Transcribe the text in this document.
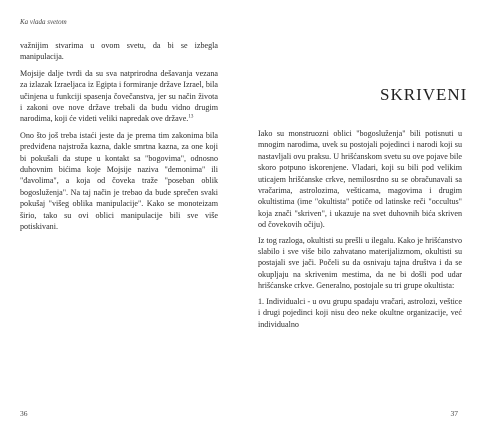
Ka vlada svetom

važnijim stvarima u ovom svetu, da bi se izbegla manipulacija.

Mojsije dalje tvrdi da su sva natprirodna dešavanja vezana za izlazak Izraeljaca iz Egipta i formiranje države Izrael, bila učinjena u funkciji spasenja čovečanstva, jer su način života i zakoni ove nove države trebali da budu vidno drugim narodima, koji će videti veliki napredak ove države.$^{13}$

Ono što još treba istaći jeste da je prema tim zakonima bila predviđena najstroža kazna, dakle smrtna kazna, za one koji bi pokušali da stupe u kontakt sa "bogovima", odnosno duhovnim bićima koje Mojsije naziva "demonima" ili "đavolima", a koja od čoveka traže "poseban oblik bogosluženja". Na taj način je trebao da bude sprečen svaki pokušaj "višeg oblika manipulacije". Kako se monoteizam širio, tako su ovi oblici manipulacije bili sve više potiskivani.

36
SKRIVENI

Iako su monstruozni oblici "bogosluženja" bili potisnuti u mnogim narodima, uvek su postojali pojedinci i narodi koji su nastavljali ovu praksu. U hrišćanskom svetu su ove pojave bile skoro potpuno iskorenjene. Vladari, koji su bili pod velikim uticajem hrišćanske crkve, nemilosrdno su se obračunavali sa vračarima, astrolozima, vešticama, magovima i drugim okultistima (ime "okultista" potiče od latinske reči "occultus" koja znači "skriven", i ukazuje na svet duhovnih bića skriven od čovekovih očiju).

Iz tog razloga, okultisti su prešli u ilegalu. Kako je hrišćanstvo slabilo i sve više bilo zahvatano materijalizmom, okultisti su postajali sve jači. Počeli su da osnivaju tajna društva i da se okupljaju na skrivenim mestima, da ne bi došli pod udar hrišćanske crkve. Generalno, postojale su tri grupe okultista:

1. Individualci - u ovu grupu spadaju vračari, astrolozi, veštice i drugi pojedinci koji nisu deo neke okultne organizacije, već individualno

37
